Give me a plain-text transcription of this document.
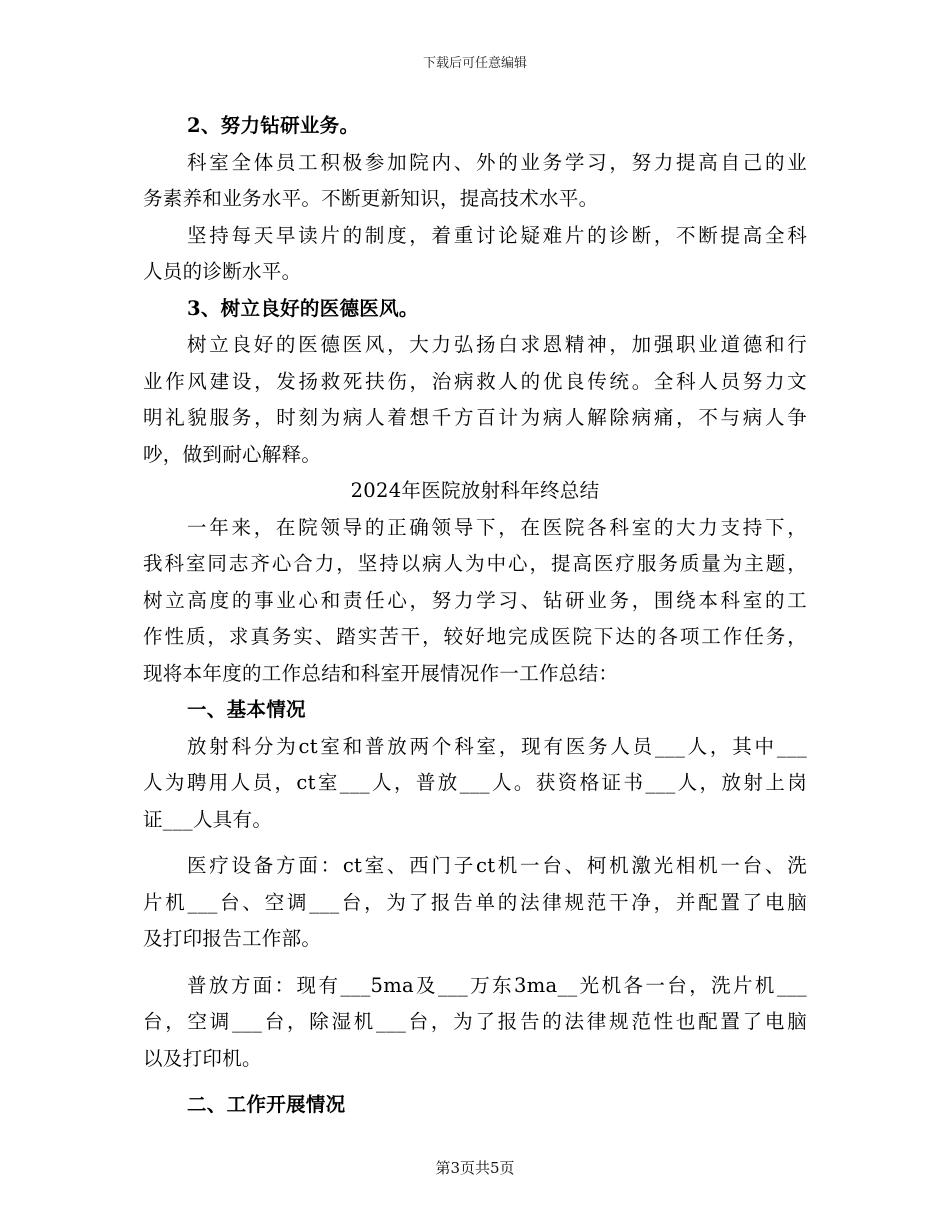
下载后可任意编辑
2、努力钻研业务。
科室全体员工积极参加院内、外的业务学习，努力提高自己的业
务素养和业务水平。不断更新知识，提高技术水平。
坚持每天早读片的制度，着重讨论疑难片的诊断，不断提高全科
人员的诊断水平。
3、树立良好的医德医风。
树立良好的医德医风，大力弘扬白求恩精神，加强职业道德和行
业作风建设，发扬救死扶伤，治病救人的优良传统。全科人员努力文
明礼貌服务，时刻为病人着想千方百计为病人解除病痛，不与病人争
吵，做到耐心解释。
2024年医院放射科年终总结
一年来，在院领导的正确领导下，在医院各科室的大力支持下，
我科室同志齐心合力，坚持以病人为中心，提高医疗服务质量为主题，
树立高度的事业心和责任心，努力学习、钻研业务，围绕本科室的工
作性质，求真务实、踏实苦干，较好地完成医院下达的各项工作任务，
现将本年度的工作总结和科室开展情况作一工作总结：
一、基本情况
放射科分为ct室和普放两个科室，现有医务人员___人，其中___
人为聘用人员，ct室___人，普放___人。获资格证书___人，放射上岗
证___人具有。
医疗设备方面：ct室、西门子ct机一台、柯机激光相机一台、洗
片机___台、空调___台，为了报告单的法律规范干净，并配置了电脑
及打印报告工作部。
普放方面：现有___5ma及___万东3ma__光机各一台，洗片机___
台，空调___台，除湿机___台，为了报告的法律规范性也配置了电脑
以及打印机。
二、工作开展情况
第3页共5页
